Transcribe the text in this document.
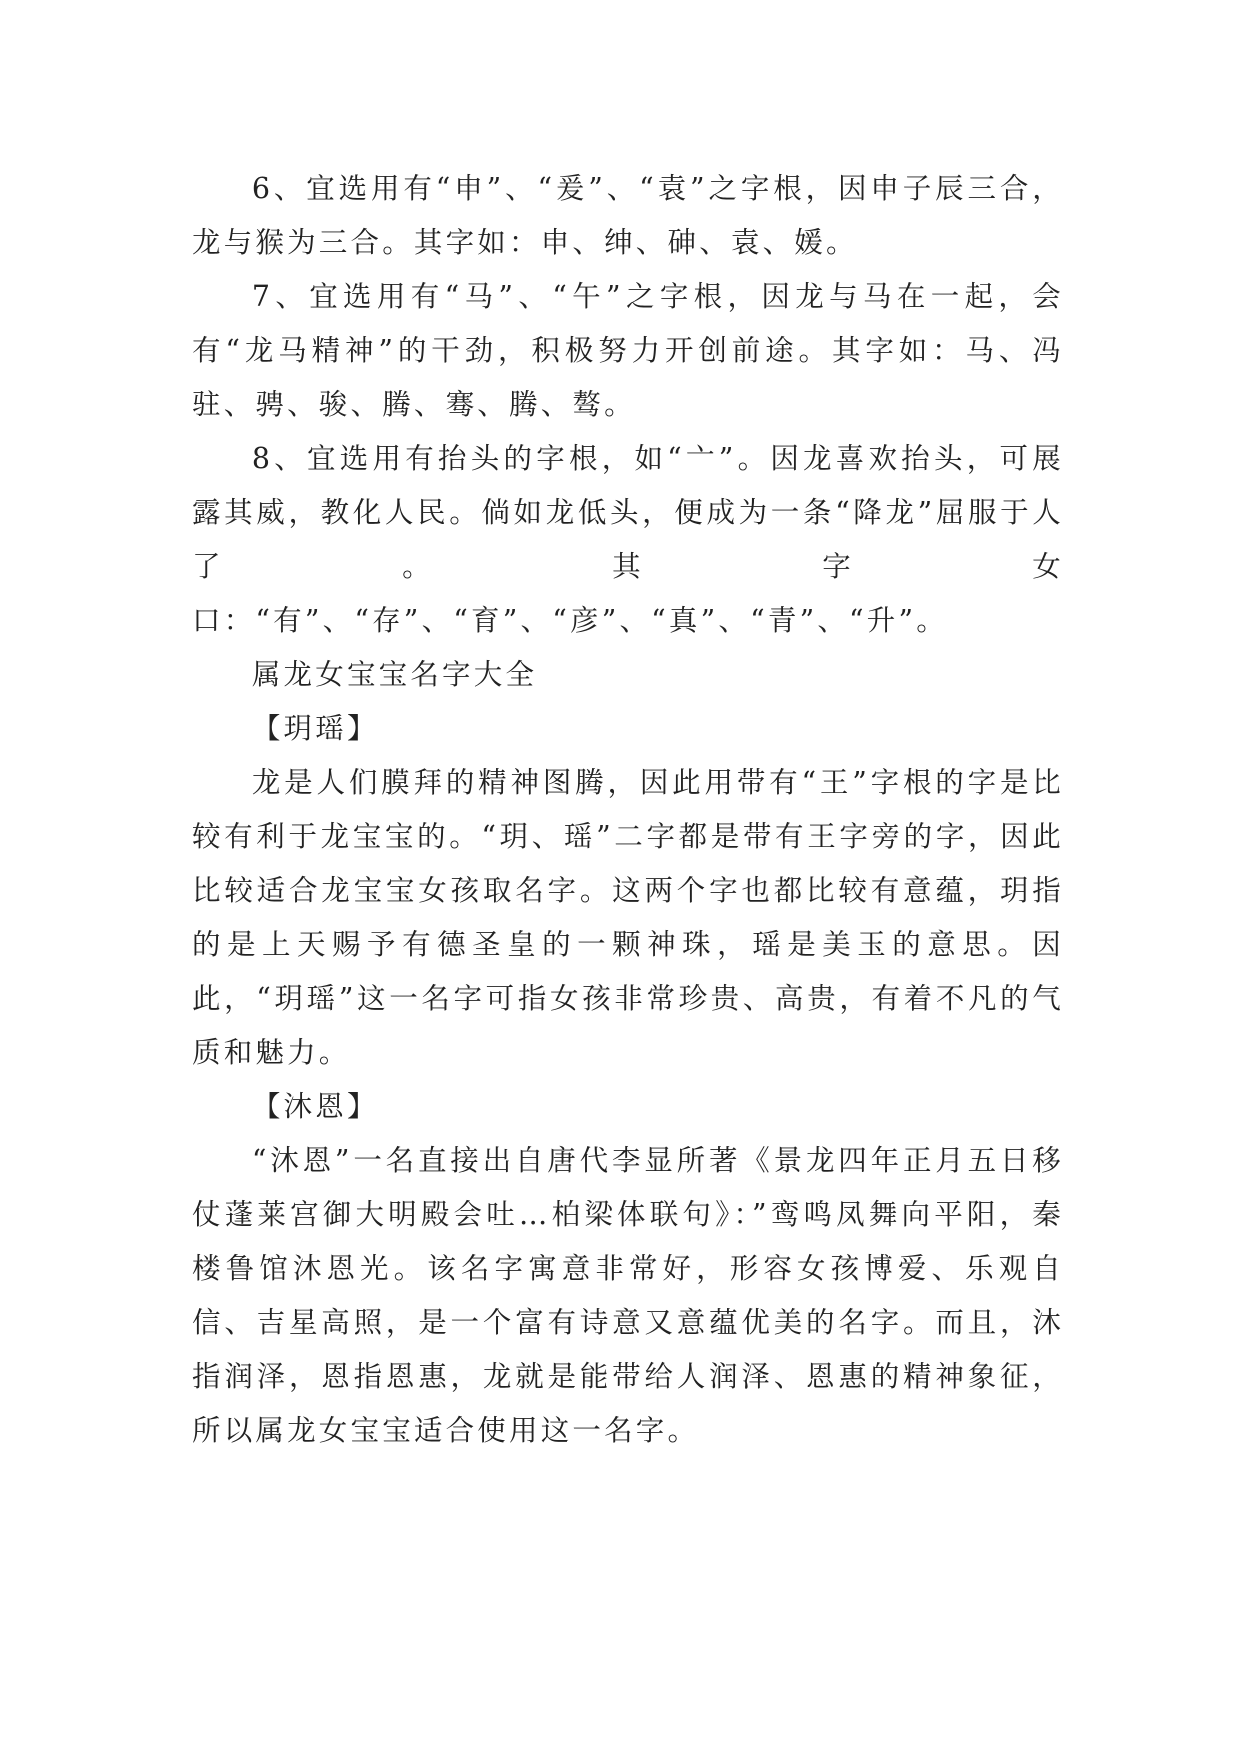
6、宜选用有“申”、“爰”、“袁”之字根，因申子辰三合，龙与猴为三合。其字如：申、绅、砷、袁、媛。

7、宜选用有“马”、“午”之字根，因龙与马在一起，会有“龙马精神”的干劲，积极努力开创前途。其字如：马、冯驻、骋、骏、腾、骞、腾、骜。

8、宜选用有抬头的字根，如“亠”。因龙喜欢抬头，可展露其威，教化人民。倘如龙低头，便成为一条“降龙”屈服于人了。其字女口：“有”、“存”、“育”、“彦”、“真”、“青”、“升”。

属龙女宝宝名字大全

【玥瑶】

龙是人们膜拜的精神图腾，因此用带有“王”字根的字是比较有利于龙宝宝的。“玥、瑶”二字都是带有王字旁的字，因此比较适合龙宝宝女孩取名字。这两个字也都比较有意蕴，玥指的是上天赐予有德圣皇的一颗神珠，瑶是美玉的意思。因此，“玥瑶”这一名字可指女孩非常珍贵、高贵，有着不凡的气质和魅力。

【沐恩】

“沐恩”一名直接出自唐代李显所著《景龙四年正月五日移仗蓬莱宫御大明殿会吐…柏梁体联句》：”鸾鸣凤舞向平阳，秦楼鲁馆沐恩光。该名字寓意非常好，形容女孩博爱、乐观自信、吉星高照，是一个富有诗意又意蕴优美的名字。而且，沐指润泽，恩指恩惠，龙就是能带给人润泽、恩惠的精神象征，所以属龙女宝宝适合使用这一名字。
